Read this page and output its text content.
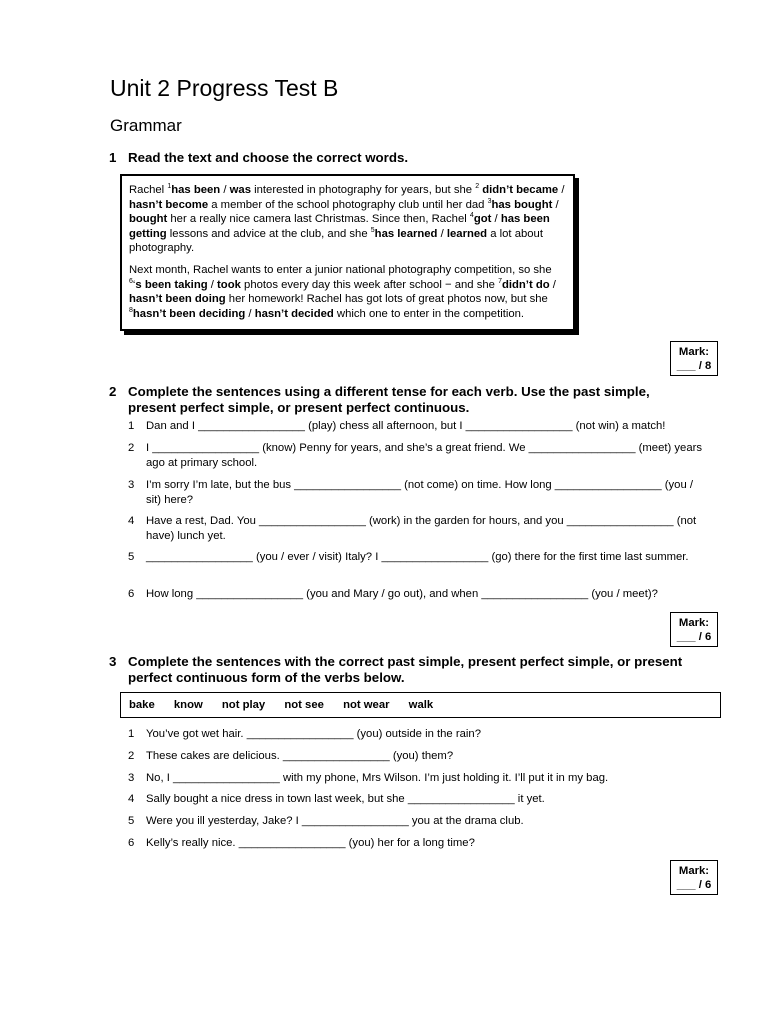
Unit 2 Progress Test B
Grammar
1 Read the text and choose the correct words.

Rachel $^1$has been / was interested in photography for years, but she $^2$ didn’t became / hasn’t become a member of the school photography club until her dad $^3$has bought / bought her a really nice camera last Christmas. Since then, Rachel $^4$got / has been getting lessons and advice at the club, and she $^5$has learned / learned a lot about photography.

Next month, Rachel wants to enter a junior national photography competition, so she $^6$‘s been taking / took photos every day this week after school − and she $^7$didn’t do / hasn’t been doing her homework! Rachel has got lots of great photos now, but she $^8$hasn’t been deciding / hasn’t decided which one to enter in the competition.

Mark:
___ / 8
2 Complete the sentences using a different tense for each verb. Use the past simple, present perfect simple, or present perfect continuous.
1 Dan and I _________________ (play) chess all afternoon, but I _________________ (not win) a match!
2 I _________________ (know) Penny for years, and she’s a great friend. We _________________ (meet) years ago at primary school.
3 I’m sorry I’m late, but the bus _________________ (not come) on time. How long _________________ (you / sit) here?
4 Have a rest, Dad. You _________________ (work) in the garden for hours, and you _________________ (not have) lunch yet.
5 _________________ (you / ever / visit) Italy? I _________________ (go) there for the first time last summer.
6 How long _________________ (you and Mary / go out), and when _________________ (you / meet)?
Mark:
___ / 6
3 Complete the sentences with the correct past simple, present perfect simple, or present perfect continuous form of the verbs below.
bake know not play not see not wear walk
1 You’ve got wet hair. _________________ (you) outside in the rain?
2 These cakes are delicious. _________________ (you) them?
3 No, I _________________ with my phone, Mrs Wilson. I’m just holding it. I’ll put it in my bag.
4 Sally bought a nice dress in town last week, but she _________________ it yet.
5 Were you ill yesterday, Jake? I _________________ you at the drama club.
6 Kelly’s really nice. _________________ (you) her for a long time?
Mark:
___ / 6
